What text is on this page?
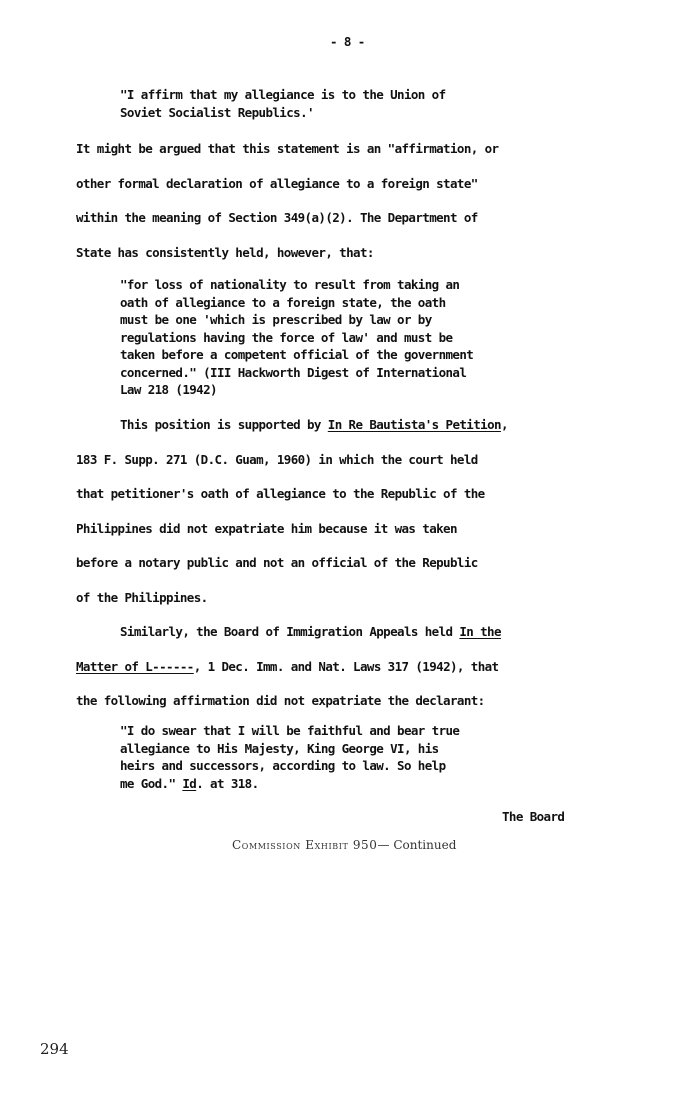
- 8 -
"I affirm that my allegiance is to the Union of
Soviet Socialist Republics.'
It might be argued that this statement is an "affirmation, or
other formal declaration of allegiance to a foreign state"
within the meaning of Section 349(a)(2). The Department of
State has consistently held, however, that:
"for loss of nationality to result from taking an
oath of allegiance to a foreign state, the oath
must be one 'which is prescribed by law or by
regulations having the force of law' and must be
taken before a competent official of the government
concerned." (III Hackworth Digest of International
Law 218 (1942)
This position is supported by In Re Bautista's Petition,
183 F. Supp. 271 (D.C. Guam, 1960) in which the court held
that petitioner's oath of allegiance to the Republic of the
Philippines did not expatriate him because it was taken
before a notary public and not an official of the Republic
of the Philippines.
Similarly, the Board of Immigration Appeals held In the
Matter of L------, 1 Dec. Imm. and Nat. Laws 317 (1942), that
the following affirmation did not expatriate the declarant:
"I do swear that I will be faithful and bear true
allegiance to His Majesty, King George VI, his
heirs and successors, according to law. So help
me God." Id. at 318.
The Board
Commission Exhibit 950— Continued
294
